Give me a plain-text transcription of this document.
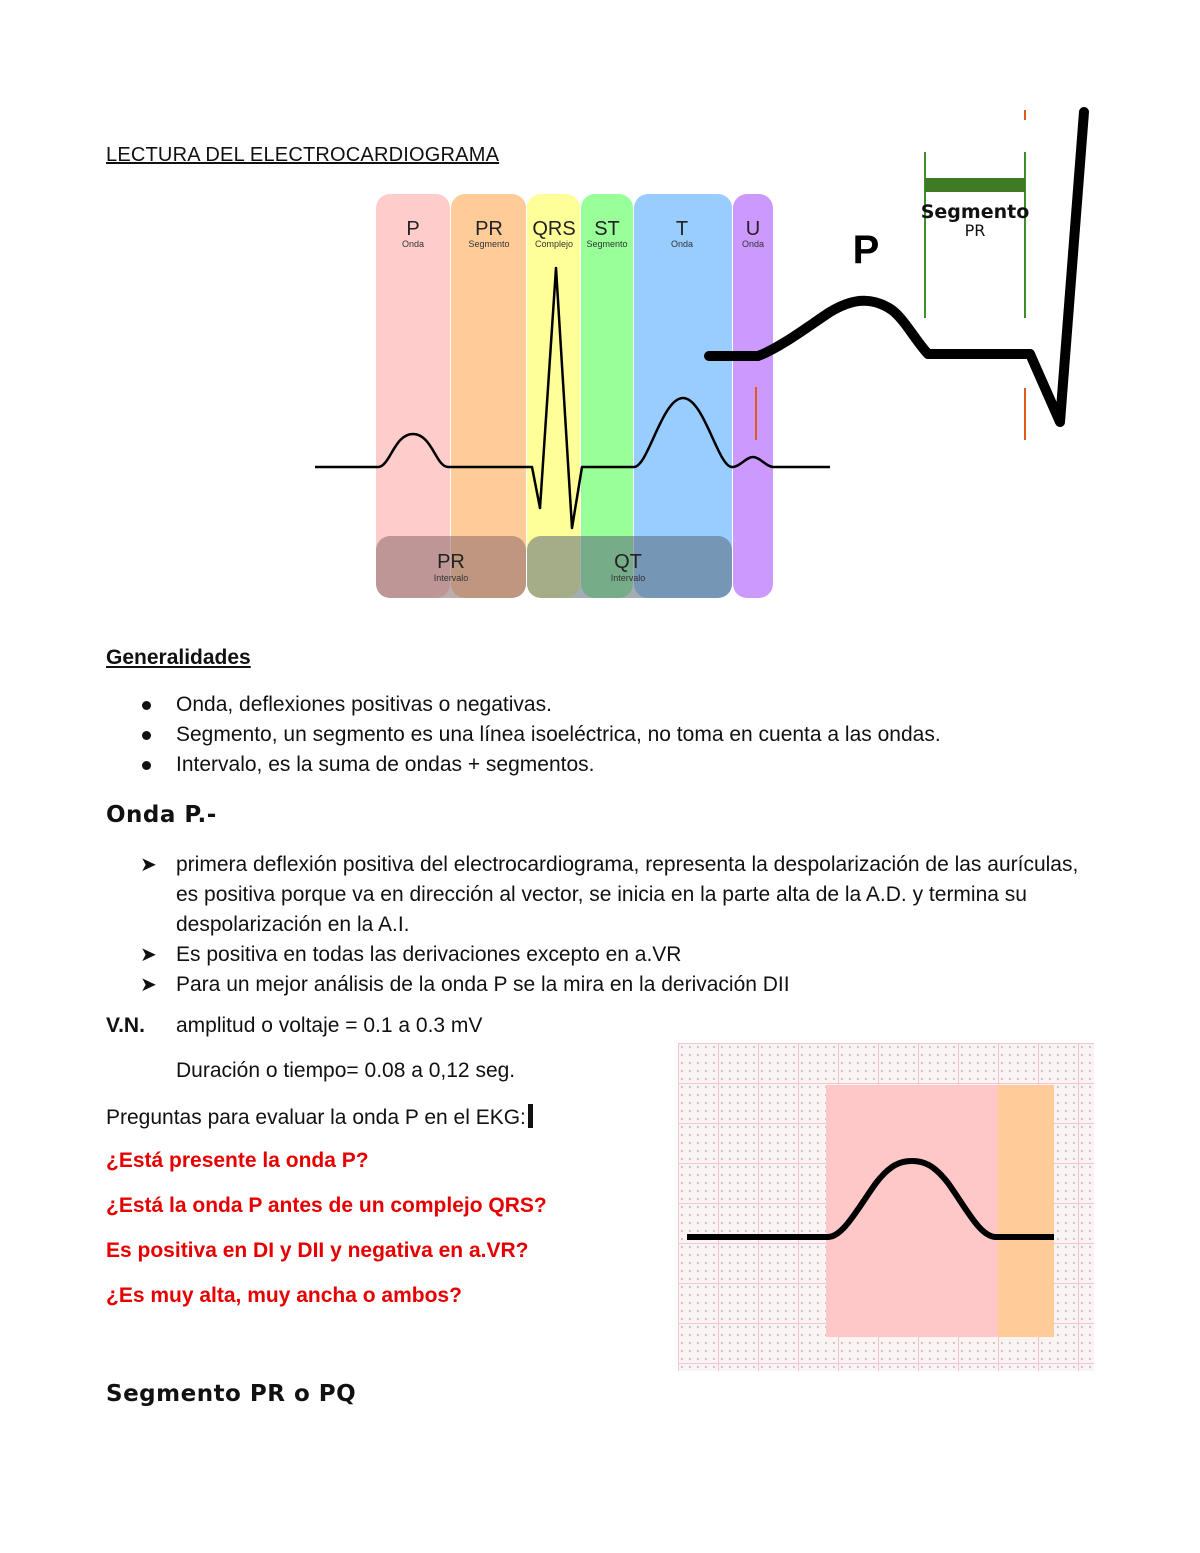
LECTURA DEL ELECTROCARDIOGRAMA
P
Onda
PR
Segmento
QRS
Complejo
ST
Segmento
T
Onda
U
Onda
PR
Intervalo
QT
Intervalo
Segmento
PR
P
Generalidades
Onda, deflexiones positivas o negativas.
Segmento, un segmento es una línea isoeléctrica, no toma en cuenta a las ondas.
Intervalo, es la suma de ondas + segmentos.
Onda P.-
➤ primera deflexión positiva del electrocardiograma, representa la despolarización de las aurículas, es positiva porque va en dirección al vector, se inicia en la parte alta de la A.D. y termina su despolarización en la A.I.
➤ Es positiva en todas las derivaciones excepto en a.VR
➤ Para un mejor análisis de la onda P se la mira en la derivación DII
V.N. amplitud o voltaje = 0.1 a 0.3 mV
Duración o tiempo= 0.08 a 0,12 seg.
Preguntas para evaluar la onda P en el EKG:
¿Está presente la onda P?
¿Está la onda P antes de un complejo QRS?
Es positiva en DI y DII y negativa en a.VR?
¿Es muy alta, muy ancha o ambos?
Segmento PR o PQ
